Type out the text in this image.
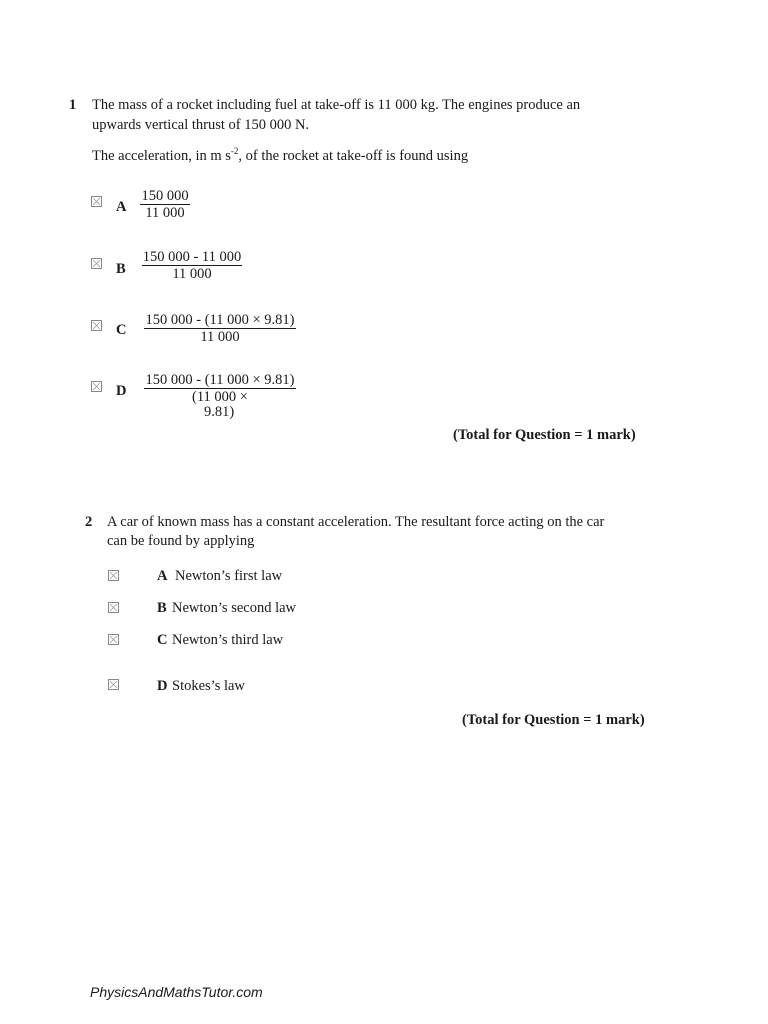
1 The mass of a rocket including fuel at take-off is 11 000 kg. The engines produce an
upwards vertical thrust of 150 000 N.
The acceleration, in m $s^{-2}$, of the rocket at take-off is found using
A $\frac{150 000}{11 000}$
B $\frac{150 000 - 11 000}{11 000}$
C $\frac{150 000 - (11 000 \times 9.81)}{11 000}$
D $\frac{150 000 - (11 000 \times 9.81)}{(11 000 \times}$
9.81)
(Total for Question = 1 mark)
2 A car of known mass has a constant acceleration. The resultant force acting on the car
can be found by applying
A Newton’s first law
B Newton’s second law
C Newton’s third law
D Stokes’s law
(Total for Question = 1 mark)
PhysicsAndMathsTutor.com
